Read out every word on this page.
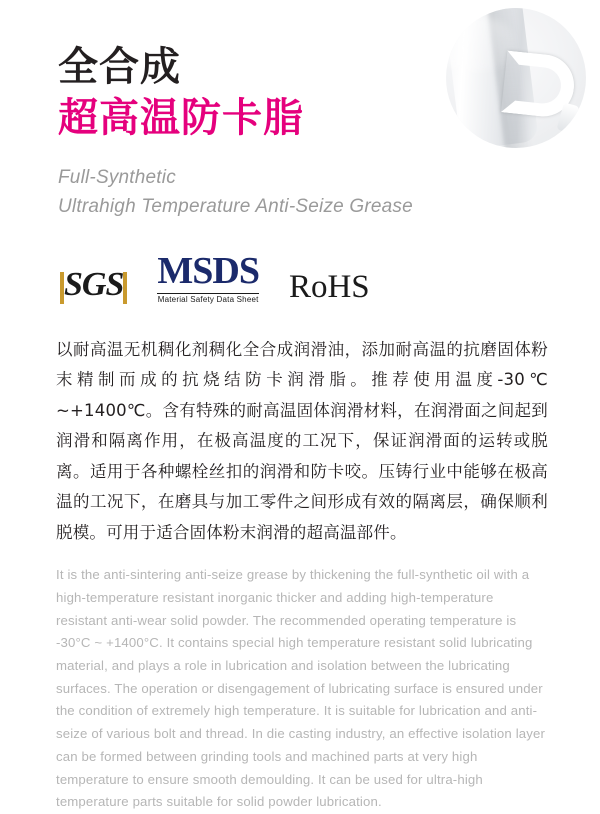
全合成
超高温防卡脂
Full-Synthetic
Ultrahigh Temperature Anti-Seize Grease
SGS MSDS
Material Safety Data Sheet RoHS

以耐高温无机稠化剂稠化全合成润滑油，添加耐高温的抗磨固体粉末精制而成的抗烧结防卡润滑脂。推荐使用温度-30℃ ~+1400℃。含有特殊的耐高温固体润滑材料，在润滑面之间起到润滑和隔离作用，在极高温度的工况下，保证润滑面的运转或脱离。适用于各种螺栓丝扣的润滑和防卡咬。压铸行业中能够在极高温的工况下，在磨具与加工零件之间形成有效的隔离层，确保顺利脱模。可用于适合固体粉末润滑的超高温部件。

It is the anti-sintering anti-seize grease by thickening the full-synthetic oil with a high-temperature resistant inorganic thicker and adding high-temperature resistant anti-wear solid powder. The recommended operating temperature is -30°C ~ +1400°C. It contains special high temperature resistant solid lubricating material, and plays a role in lubrication and isolation between the lubricating surfaces. The operation or disengagement of lubricating surface is ensured under the condition of extremely high temperature. It is suitable for lubrication and anti-seize of various bolt and thread. In die casting industry, an effective isolation layer can be formed between grinding tools and machined parts at very high temperature to ensure smooth demoulding. It can be used for ultra-high temperature parts suitable for solid powder lubrication.
